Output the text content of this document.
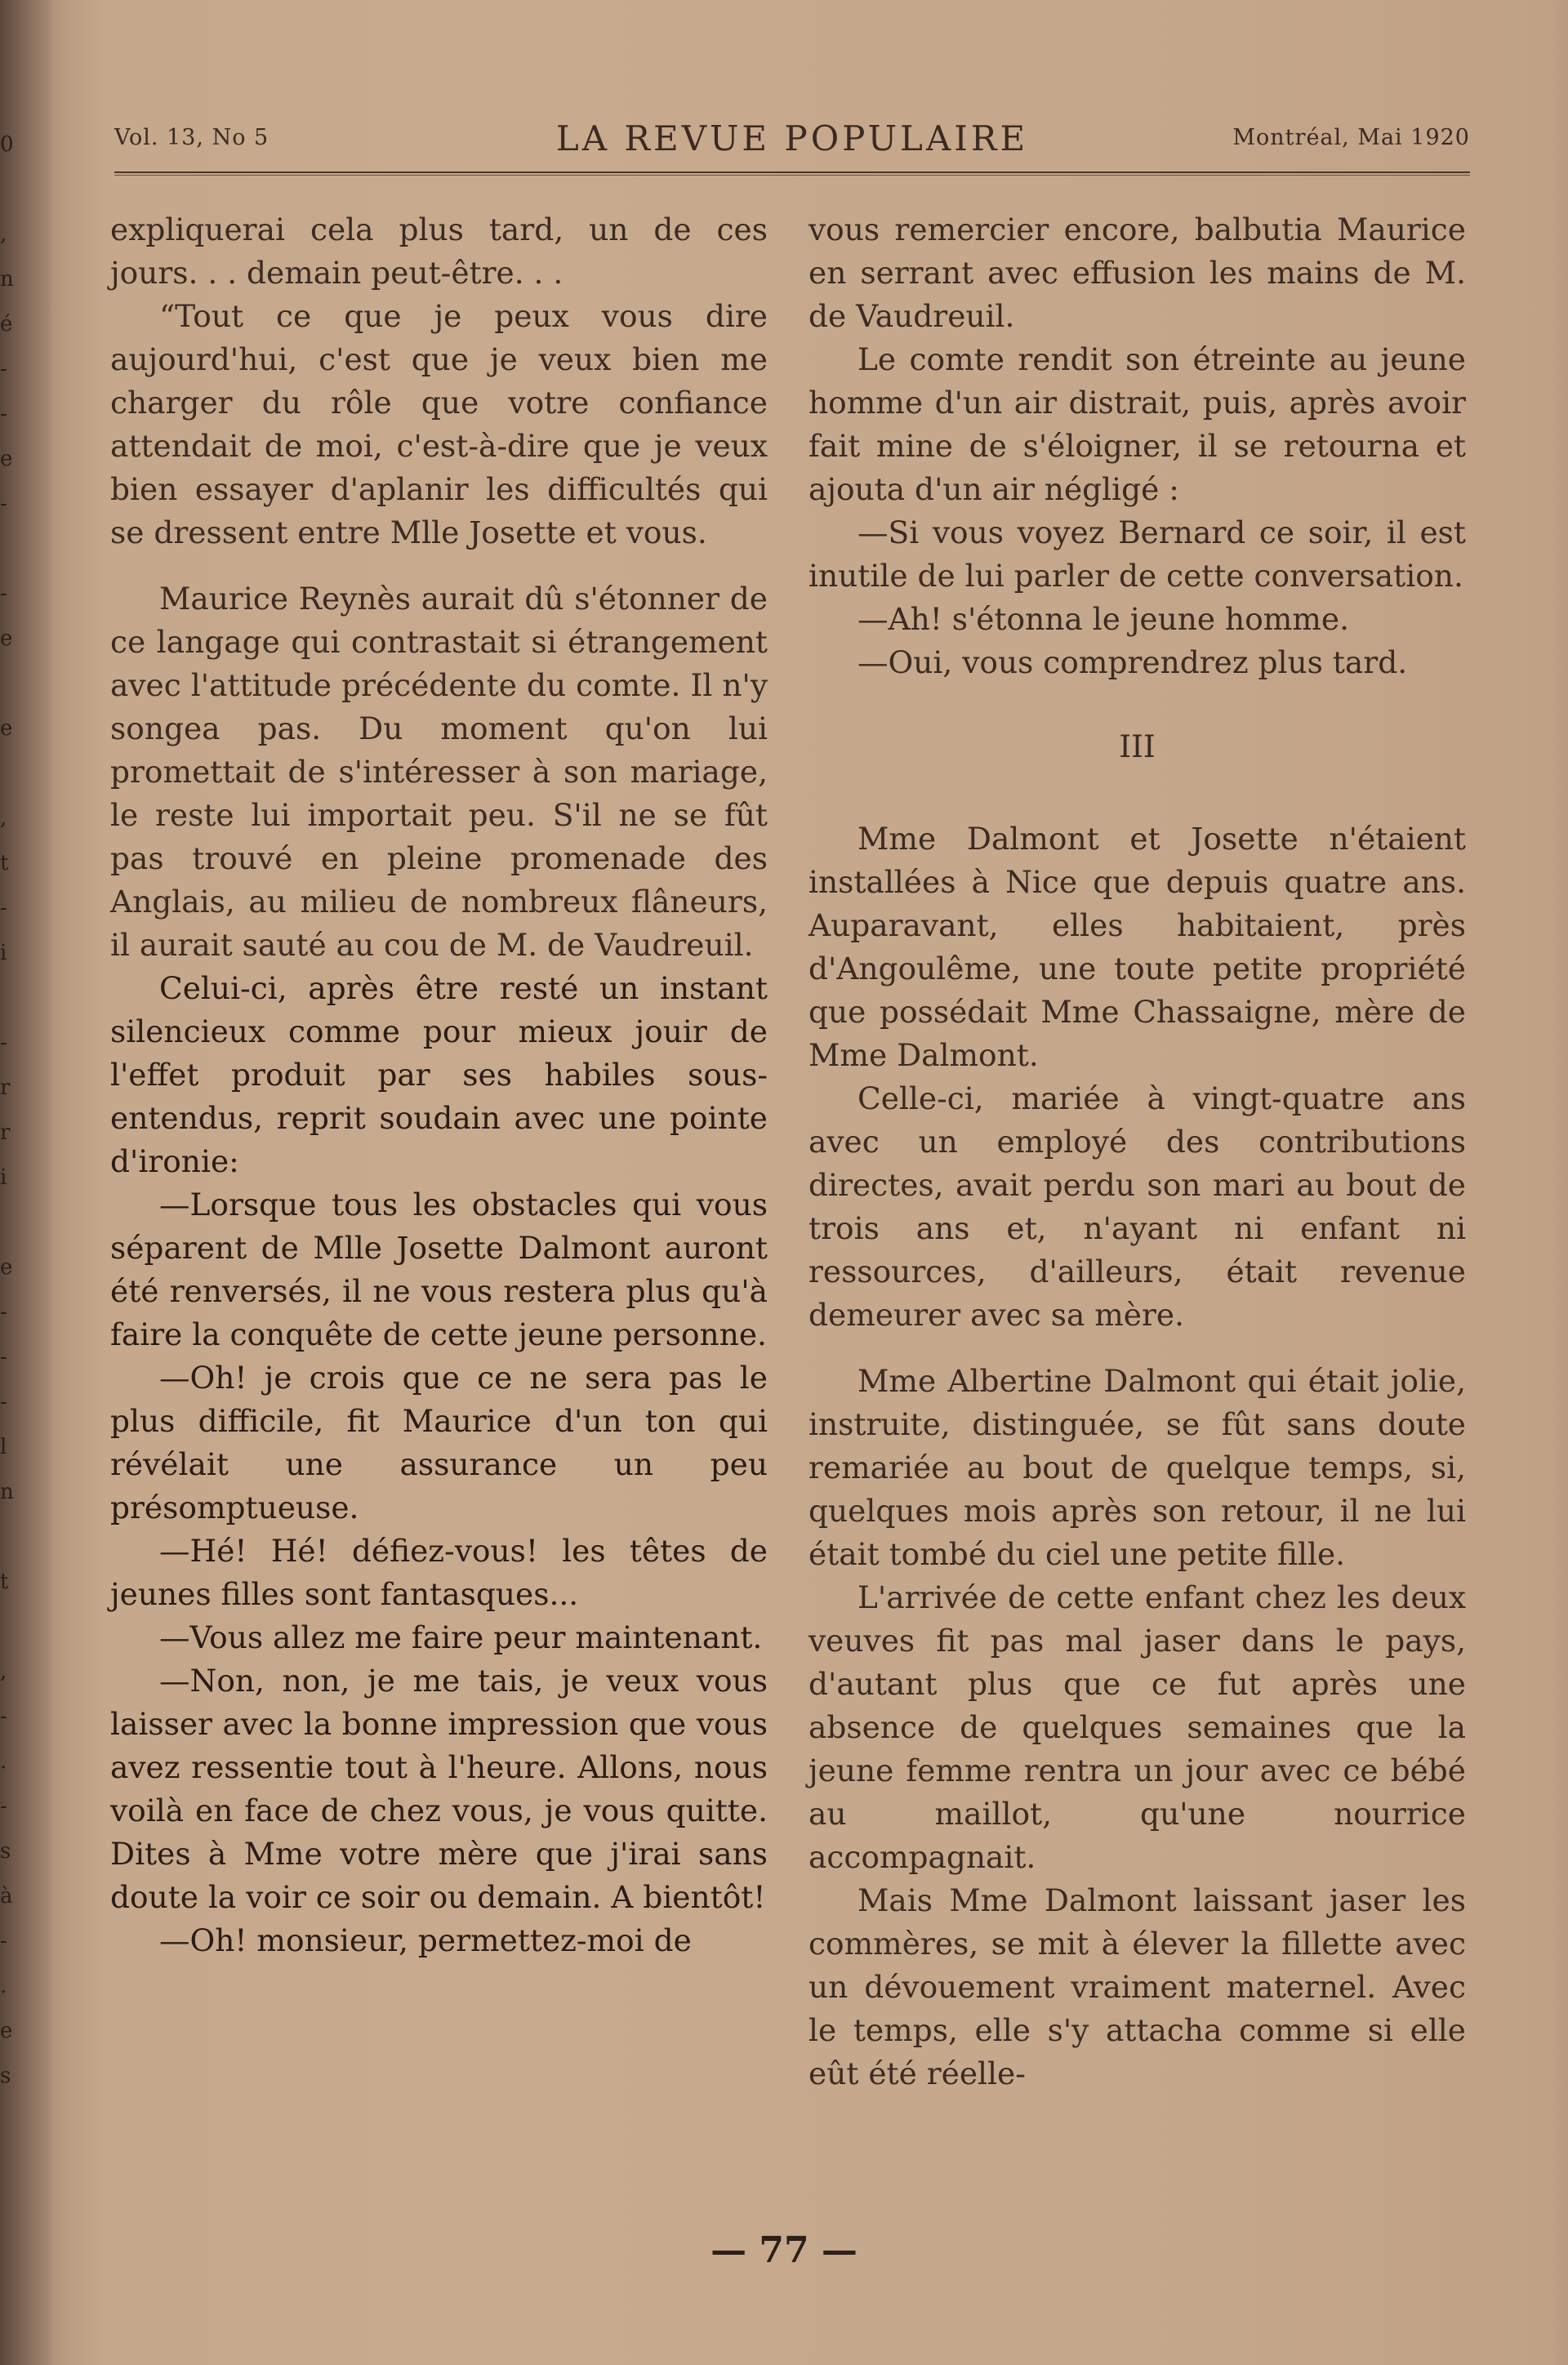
0

,
n
é
-
-
e
-

-
e

e

,
t
-
i

-
r
r
i

e
-
-
-
l
n

t

,
-
.
-
s
à
-
.
e
s
Vol. 13, No 5	LA REVUE POPULAIRE	Montréal, Mai 1920

expliquerai cela plus tard, un de ces jours. . . demain peut-être. . .

“Tout ce que je peux vous dire aujourd'hui, c'est que je veux bien me charger du rôle que votre confiance attendait de moi, c'est-à-dire que je veux bien essayer d'aplanir les difficultés qui se dressent entre Mlle Josette et vous.

Maurice Reynès aurait dû s'étonner de ce langage qui contrastait si étrangement avec l'attitude précédente du comte. Il n'y songea pas. Du moment qu'on lui promettait de s'intéresser à son mariage, le reste lui importait peu. S'il ne se fût pas trouvé en pleine promenade des Anglais, au milieu de nombreux flâneurs, il aurait sauté au cou de M. de Vaudreuil.

Celui-ci, après être resté un instant silencieux comme pour mieux jouir de l'effet produit par ses habiles sous-entendus, reprit soudain avec une pointe d'ironie:

—Lorsque tous les obstacles qui vous séparent de Mlle Josette Dalmont auront été renversés, il ne vous restera plus qu'à faire la conquête de cette jeune personne.

—Oh! je crois que ce ne sera pas le plus difficile, fit Maurice d'un ton qui révélait une assurance un peu présomptueuse.

—Hé! Hé! défiez-vous! les têtes de jeunes filles sont fantasques...

—Vous allez me faire peur maintenant.

—Non, non, je me tais, je veux vous laisser avec la bonne impression que vous avez ressentie tout à l'heure. Allons, nous voilà en face de chez vous, je vous quitte. Dites à Mme votre mère que j'irai sans doute la voir ce soir ou demain. A bientôt!

—Oh! monsieur, permettez-moi de

vous remercier encore, balbutia Maurice en serrant avec effusion les mains de M. de Vaudreuil.

Le comte rendit son étreinte au jeune homme d'un air distrait, puis, après avoir fait mine de s'éloigner, il se retourna et ajouta d'un air négligé :

—Si vous voyez Bernard ce soir, il est inutile de lui parler de cette conversation.

—Ah! s'étonna le jeune homme.

—Oui, vous comprendrez plus tard.

III

Mme Dalmont et Josette n'étaient installées à Nice que depuis quatre ans. Auparavant, elles habitaient, près d'Angoulême, une toute petite propriété que possédait Mme Chassaigne, mère de Mme Dalmont.

Celle-ci, mariée à vingt-quatre ans avec un employé des contributions directes, avait perdu son mari au bout de trois ans et, n'ayant ni enfant ni ressources, d'ailleurs, était revenue demeurer avec sa mère.

Mme Albertine Dalmont qui était jolie, instruite, distinguée, se fût sans doute remariée au bout de quelque temps, si, quelques mois après son retour, il ne lui était tombé du ciel une petite fille.

L'arrivée de cette enfant chez les deux veuves fit pas mal jaser dans le pays, d'autant plus que ce fut après une absence de quelques semaines que la jeune femme rentra un jour avec ce bébé au maillot, qu'une nourrice accompagnait.

Mais Mme Dalmont laissant jaser les commères, se mit à élever la fillette avec un dévouement vraiment maternel. Avec le temps, elle s'y attacha comme si elle eût été réelle-

— 77 —
